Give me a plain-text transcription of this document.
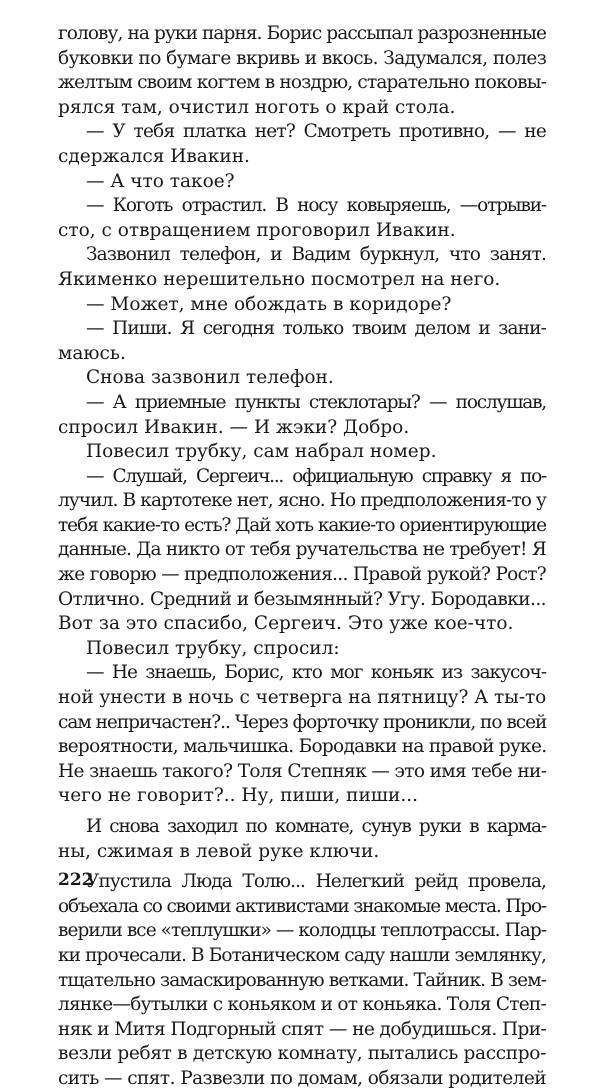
голову, на руки парня. Борис рассыпал разрозненные
буковки по бумаге вкривь и вкось. Задумался, полез
желтым своим когтем в ноздрю, старательно поковы-
рялся там, очистил ноготь о край стола.
— У тебя платка нет? Смотреть противно, — не
сдержался Ивакин.
— А что такое?
— Коготь отрастил. В носу ковыряешь, —отрыви-
сто, с отвращением проговорил Ивакин.
Зазвонил телефон, и Вадим буркнул, что занят.
Якименко нерешительно посмотрел на него.
— Может, мне обождать в коридоре?
— Пиши. Я сегодня только твоим делом и зани-
маюсь.
Снова зазвонил телефон.
— А приемные пункты стеклотары? — послушав,
спросил Ивакин. — И жэки? Добро.
Повесил трубку, сам набрал номер.
— Слушай, Сергеич... официальную справку я по-
лучил. В картотеке нет, ясно. Но предположения-то у
тебя какие-то есть? Дай хоть какие-то ориентирующие
данные. Да никто от тебя ручательства не требует! Я
же говорю — предположения... Правой рукой? Рост?
Отлично. Средний и безымянный? Угу. Бородавки...
Вот за это спасибо, Сергеич. Это уже кое-что.
Повесил трубку, спросил:
— Не знаешь, Борис, кто мог коньяк из закусоч-
ной унести в ночь с четверга на пятницу? А ты-то
сам непричастен?.. Через форточку проникли, по всей
вероятности, мальчишка. Бородавки на правой руке.
Не знаешь такого? Толя Степняк — это имя тебе ни-
чего не говорит?.. Ну, пиши, пиши...
И снова заходил по комнате, сунув руки в карма-
ны, сжимая в левой руке ключи.
Упустила Люда Толю... Нелегкий рейд провела,
объехала со своими активистами знакомые места. Про-
верили все «теплушки» — колодцы теплотрассы. Пар-
ки прочесали. В Ботаническом саду нашли землянку,
тщательно замаскированную ветками. Тайник. В зем-
лянке—бутылки с коньяком и от коньяка. Толя Степ-
няк и Митя Подгорный спят — не добудишься. При-
везли ребят в детскую комнату, пытались расспро-
сить — спят. Развезли по домам, обязали родителей
222
